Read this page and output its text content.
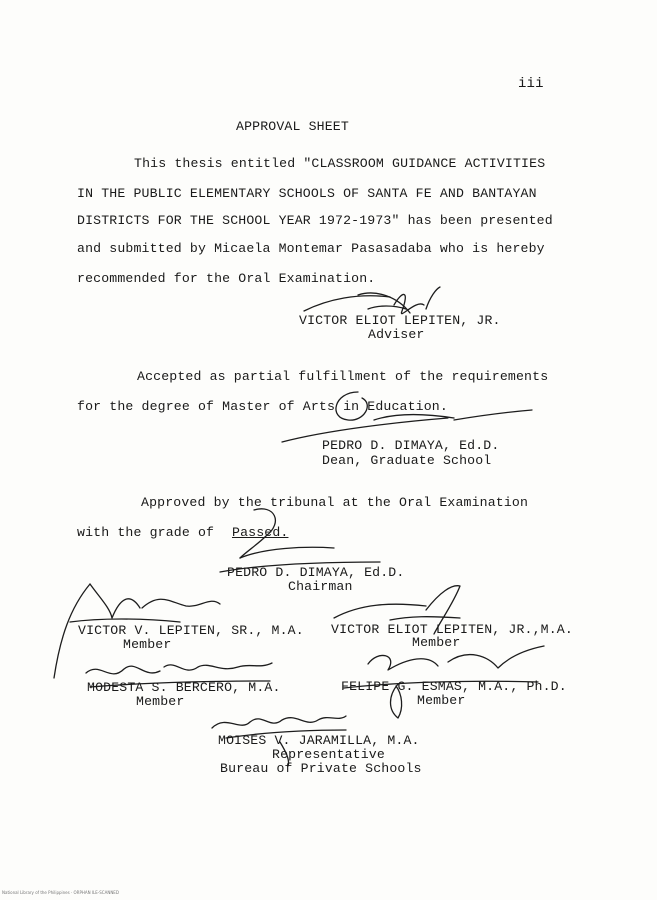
iii
APPROVAL SHEET
This thesis entitled "CLASSROOM GUIDANCE ACTIVITIES
IN THE PUBLIC ELEMENTARY SCHOOLS OF SANTA FE AND BANTAYAN
DISTRICTS FOR THE SCHOOL YEAR 1972-1973" has been presented
and submitted by Micaela Montemar Pasasadaba who is hereby
recommended for the Oral Examination.
VICTOR ELIOT LEPITEN, JR.
Adviser
Accepted as partial fulfillment of the requirements
for the degree of Master of Arts in Education.
PEDRO D. DIMAYA, Ed.D.
Dean, Graduate School
Approved by the tribunal at the Oral Examination
with the grade of Passed.
PEDRO D. DIMAYA, Ed.D.
Chairman
VICTOR V. LEPITEN, SR., M.A.
Member
VICTOR ELIOT LEPITEN, JR.,M.A.
Member
MODESTA S. BERCERO, M.A.
Member
FELIPE G. ESMAS, M.A., Ph.D.
Member
MOISES V. JARAMILLA, M.A.
Representative
Bureau of Private Schools
National Library of the Philippines · ORPHAN ILE-SCANNED
